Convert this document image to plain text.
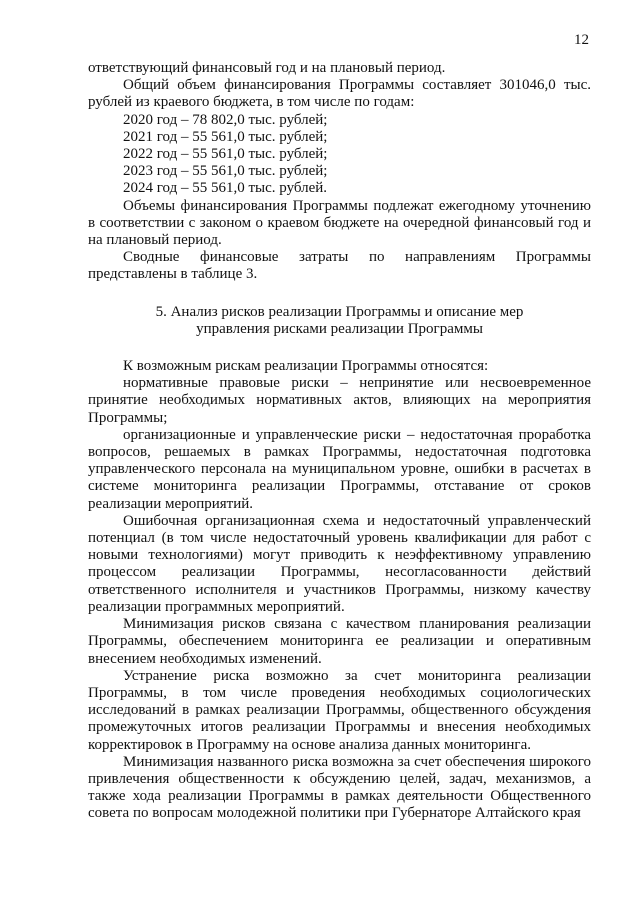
12

ответствующий финансовый год и на плановый период.

Общий объем финансирования Программы составляет 301046,0 тыс. рублей из краевого бюджета, в том числе по годам:

2020 год – 78 802,0 тыс. рублей;

2021 год – 55 561,0 тыс. рублей;

2022 год – 55 561,0 тыс. рублей;

2023 год – 55 561,0 тыс. рублей;

2024 год – 55 561,0 тыс. рублей.

Объемы финансирования Программы подлежат ежегодному уточнению в соответствии с законом о краевом бюджете на очередной финансовый год и на плановый период.

Сводные финансовые затраты по направлениям Программы представлены в таблице 3.

5. Анализ рисков реализации Программы и описание мер управления рисками реализации Программы

К возможным рискам реализации Программы относятся:

нормативные правовые риски – непринятие или несвоевременное принятие необходимых нормативных актов, влияющих на мероприятия Программы;

организационные и управленческие риски – недостаточная проработка вопросов, решаемых в рамках Программы, недостаточная подготовка управленческого персонала на муниципальном уровне, ошибки в расчетах в системе мониторинга реализации Программы, отставание от сроков реализации мероприятий.

Ошибочная организационная схема и недостаточный управленческий потенциал (в том числе недостаточный уровень квалификации для работ с новыми технологиями) могут приводить к неэффективному управлению процессом реализации Программы, несогласованности действий ответственного исполнителя и участников Программы, низкому качеству реализации программных мероприятий.

Минимизация рисков связана с качеством планирования реализации Программы, обеспечением мониторинга ее реализации и оперативным внесением необходимых изменений.

Устранение риска возможно за счет мониторинга реализации Программы, в том числе проведения необходимых социологических исследований в рамках реализации Программы, общественного обсуждения промежуточных итогов реализации Программы и внесения необходимых корректировок в Программу на основе анализа данных мониторинга.

Минимизация названного риска возможна за счет обеспечения широкого привлечения общественности к обсуждению целей, задач, механизмов, а также хода реализации Программы в рамках деятельности Общественного совета по вопросам молодежной политики при Губернаторе Алтайского края
